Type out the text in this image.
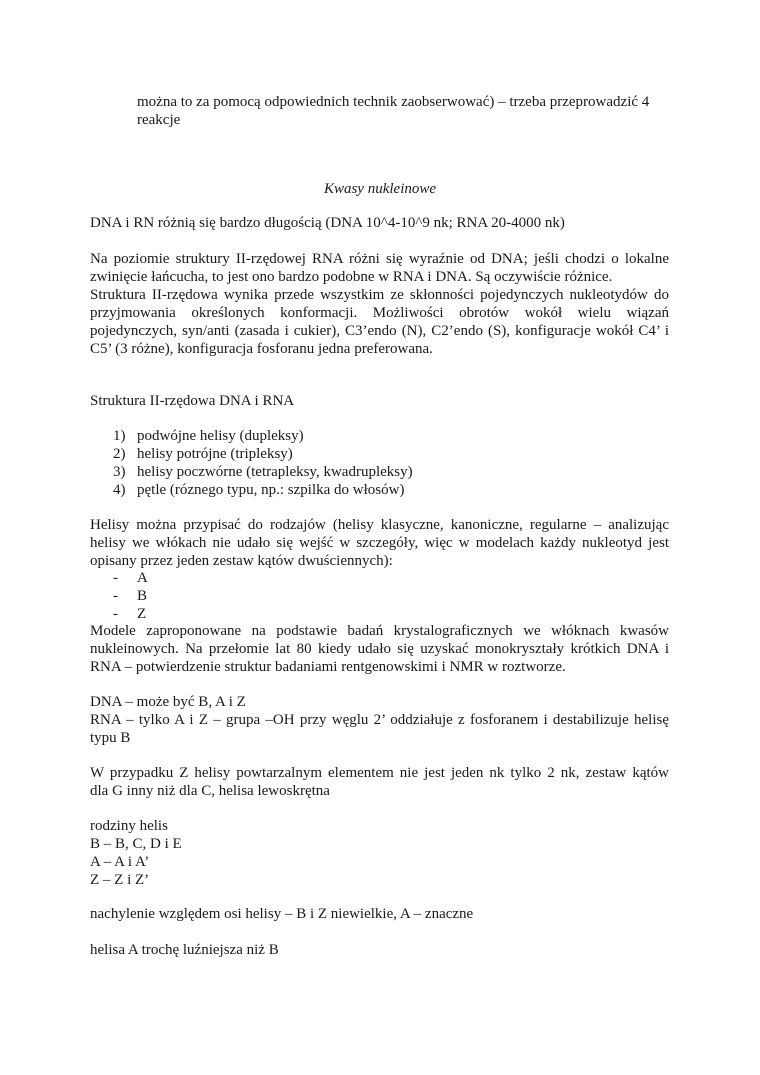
można to za pomocą odpowiednich technik zaobserwować) – trzeba przeprowadzić 4
reakcje
Kwasy nukleinowe
DNA i RN różnią się bardzo długością (DNA 10^4-10^9 nk; RNA 20-4000 nk)
Na poziomie struktury II-rzędowej RNA różni się wyraźnie od DNA; jeśli chodzi o lokalne
zwinięcie łańcucha, to jest ono bardzo podobne w RNA i DNA. Są oczywiście różnice.
Struktura II-rzędowa wynika przede wszystkim ze skłonności pojedynczych nukleotydów do
przyjmowania określonych konformacji. Możliwości obrotów wokół wielu wiązań
pojedynczych, syn/anti (zasada i cukier), C3’endo (N), C2’endo (S), konfiguracje wokół C4’ i
C5’ (3 różne), konfiguracja fosforanu jedna preferowana.
Struktura II-rzędowa DNA i RNA
1) podwójne helisy (dupleksy)
2) helisy potrójne (tripleksy)
3) helisy poczwórne (tetrapleksy, kwadrupleksy)
4) pętle (róznego typu, np.: szpilka do włosów)
Helisy można przypisać do rodzajów (helisy klasyczne, kanoniczne, regularne – analizując
helisy we włókach nie udało się wejść w szczegóły, więc w modelach każdy nukleotyd jest
opisany przez jeden zestaw kątów dwuściennych):
- A
- B
- Z
Modele zaproponowane na podstawie badań krystalograficznych we włóknach kwasów
nukleinowych. Na przełomie lat 80 kiedy udało się uzyskać monokryształy krótkich DNA i
RNA – potwierdzenie struktur badaniami rentgenowskimi i NMR w roztworze.
DNA – może być B, A i Z
RNA – tylko A i Z – grupa –OH przy węglu 2’ oddziałuje z fosforanem i destabilizuje helisę
typu B
W przypadku Z helisy powtarzalnym elementem nie jest jeden nk tylko 2 nk, zestaw kątów
dla G inny niż dla C, helisa lewoskrętna
rodziny helis
B – B, C, D i E
A – A i A’
Z – Z i Z’
nachylenie względem osi helisy – B i Z niewielkie, A – znaczne
helisa A trochę luźniejsza niż B
